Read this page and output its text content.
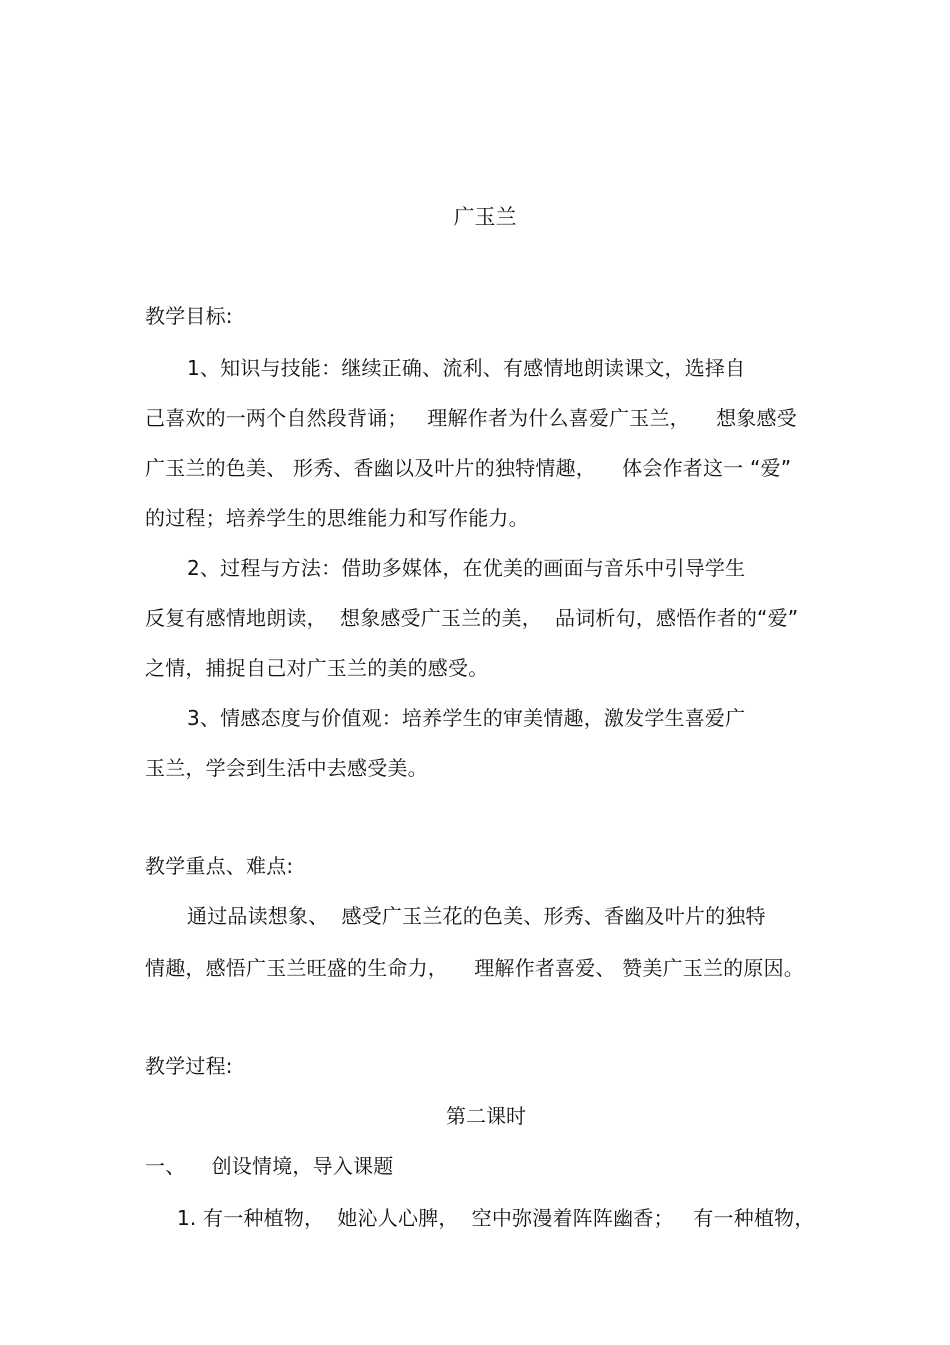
广玉兰
教学目标:
1、知识与技能：继续正确、流利、有感情地朗读课文，选择自
己喜欢的一两个自然段背诵；   理解作者为什么喜爱广玉兰，    想象感受
广玉兰的色美、 形秀、香幽以及叶片的独特情趣，    体会作者这一 “爱”
的过程；培养学生的思维能力和写作能力。
2、过程与方法：借助多媒体，在优美的画面与音乐中引导学生
反复有感情地朗读，  想象感受广玉兰的美，  品词析句，感悟作者的“爱”
之情，捕捉自己对广玉兰的美的感受。
3、情感态度与价值观：培养学生的审美情趣，激发学生喜爱广
玉兰，学会到生活中去感受美。
教学重点、难点:
通过品读想象、  感受广玉兰花的色美、形秀、香幽及叶片的独特
情趣，感悟广玉兰旺盛的生命力，    理解作者喜爱、 赞美广玉兰的原因。
教学过程:
第二课时
一、    创设情境，导入课题
1. 有一种植物，  她沁人心脾，  空中弥漫着阵阵幽香；   有一种植物，
